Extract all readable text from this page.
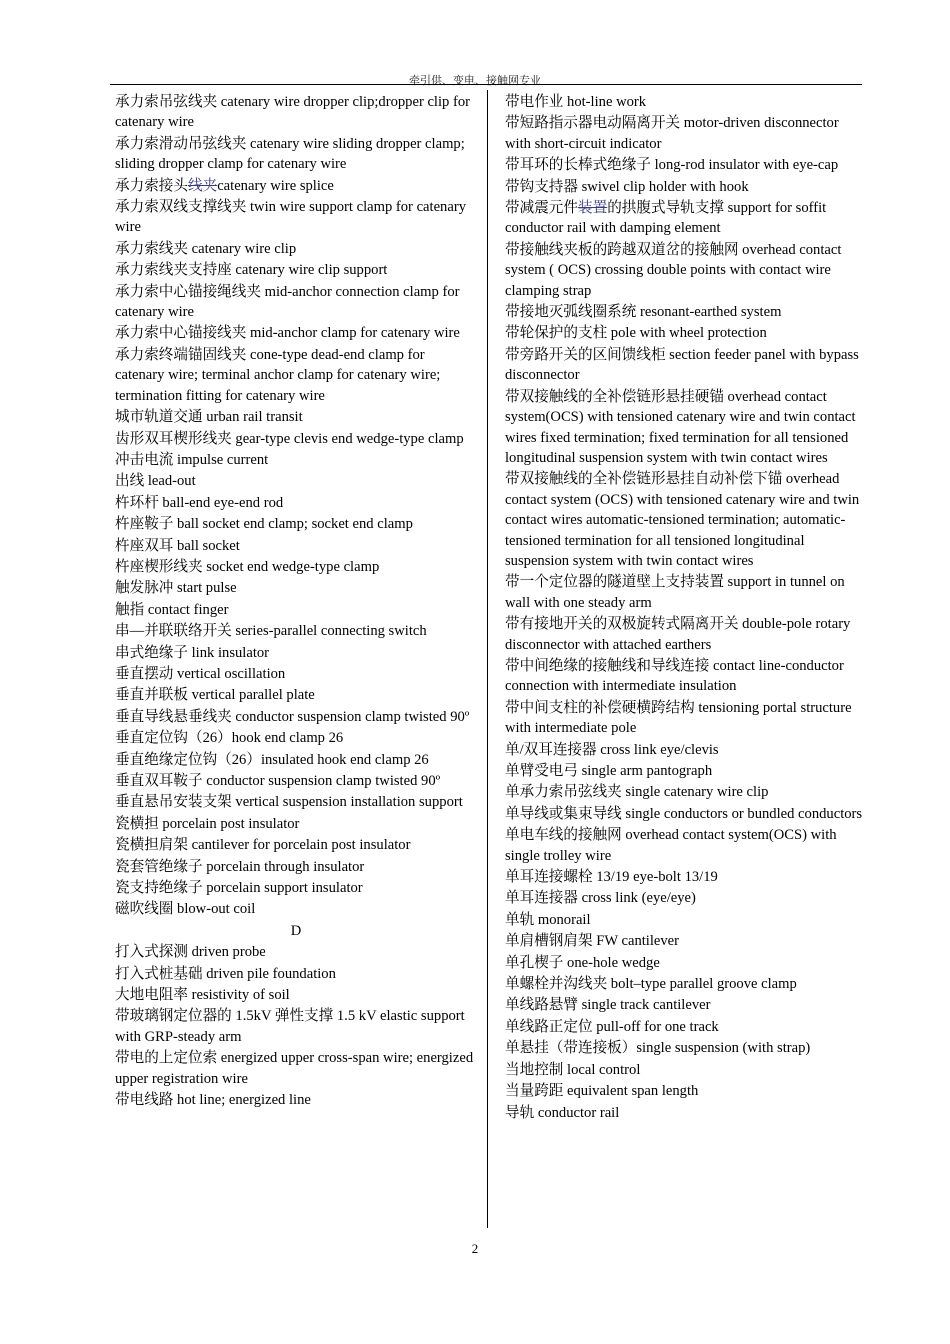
牵引供、变电、接触网专业
承力索吊弦线夹 catenary wire dropper clip;dropper clip for catenary wire
承力索滑动吊弦线夹 catenary wire sliding dropper clamp; sliding dropper clamp for catenary wire
承力索接头线夹catenary wire splice
承力索双线支撑线夹 twin wire support clamp for catenary wire
承力索线夹 catenary wire clip
承力索线夹支持座 catenary wire clip support
承力索中心锚接绳线夹 mid-anchor connection clamp for catenary wire
承力索中心锚接线夹 mid-anchor clamp for catenary wire
承力索终端锚固线夹 cone-type dead-end clamp for catenary wire; terminal anchor clamp for catenary wire; termination fitting for catenary wire
城市轨道交通 urban rail transit
齿形双耳楔形线夹 gear-type clevis end wedge-type clamp
冲击电流 impulse current
出线 lead-out
杵环杆 ball-end eye-end rod
杵座鞍子 ball socket end clamp; socket end clamp
杵座双耳 ball socket
杵座楔形线夹 socket end wedge-type clamp
触发脉冲 start pulse
触指 contact finger
串—并联联络开关 series-parallel connecting switch
串式绝缘子 link insulator
垂直摆动 vertical oscillation
垂直并联板 vertical parallel plate
垂直导线悬垂线夹 conductor suspension clamp twisted 90º
垂直定位钩（26）hook end clamp 26
垂直绝缘定位钩（26）insulated hook end clamp 26
垂直双耳鞍子 conductor suspension clamp twisted 90º
垂直悬吊安装支架 vertical suspension installation support
瓷横担 porcelain post insulator
瓷横担肩架 cantilever for porcelain post insulator
瓷套管绝缘子 porcelain through insulator
瓷支持绝缘子 porcelain support insulator
磁吹线圈 blow-out coil
D
打入式探测 driven probe
打入式桩基础 driven pile foundation
大地电阻率 resistivity of soil
带玻璃钢定位器的 1.5kV 弹性支撑 1.5 kV elastic support with GRP-steady arm
带电的上定位索 energized upper cross-span wire; energized upper registration wire
带电线路 hot line; energized line
带电作业 hot-line work
带短路指示器电动隔离开关 motor-driven disconnector with short-circuit indicator
带耳环的长棒式绝缘子 long-rod insulator with eye-cap
带钩支持器 swivel clip holder with hook
带减震元件装置的拱腹式导轨支撑 support for soffit conductor rail with damping element
带接触线夹板的跨越双道岔的接触网 overhead contact system ( OCS) crossing double points with contact wire clamping strap
带接地灭弧线圈系统 resonant-earthed system
带轮保护的支柱 pole with wheel protection
带旁路开关的区间馈线柜 section feeder panel with bypass disconnector
带双接触线的全补偿链形悬挂硬锚 overhead contact system(OCS) with tensioned catenary wire and twin contact wires fixed termination; fixed termination for all tensioned longitudinal suspension system with twin contact wires
带双接触线的全补偿链形悬挂自动补偿下锚 overhead contact system (OCS) with tensioned catenary wire and twin contact wires automatic-tensioned termination; automatic-tensioned termination for all tensioned longitudinal suspension system with twin contact wires
带一个定位器的隧道壁上支持装置 support in tunnel on wall with one steady arm
带有接地开关的双极旋转式隔离开关 double-pole rotary disconnector with attached earthers
带中间绝缘的接触线和导线连接 contact line-conductor connection with intermediate insulation
带中间支柱的补偿硬横跨结构 tensioning portal structure with intermediate pole
单/双耳连接器 cross link eye/clevis
单臂受电弓 single arm pantograph
单承力索吊弦线夹 single catenary wire clip
单导线或集束导线 single conductors or bundled conductors
单电车线的接触网 overhead contact system(OCS) with single trolley wire
单耳连接螺栓 13/19 eye-bolt 13/19
单耳连接器 cross link (eye/eye)
单轨 monorail
单肩槽钢肩架 FW cantilever
单孔楔子 one-hole wedge
单螺栓并沟线夹 bolt–type parallel groove clamp
单线路悬臂 single track cantilever
单线路正定位 pull-off for one track
单悬挂（带连接板）single suspension (with strap)
当地控制 local control
当量跨距 equivalent span length
导轨 conductor rail
2
